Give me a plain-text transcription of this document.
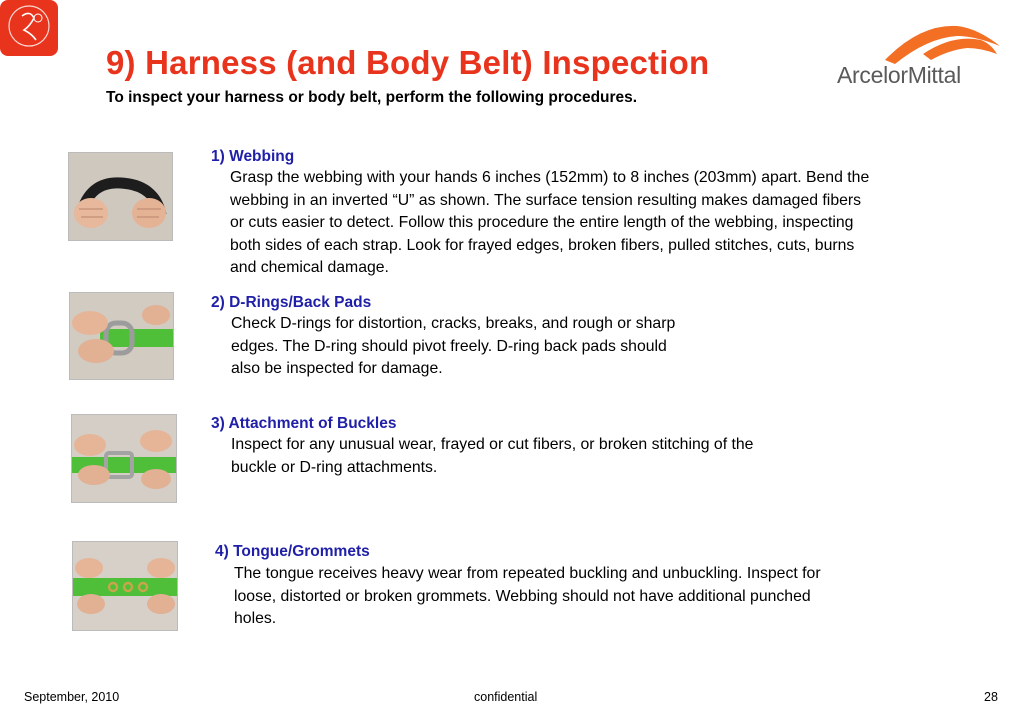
9) Harness (and Body Belt) Inspection
To inspect your harness or body belt, perform the following procedures.
ArcelorMittal
1) Webbing
Grasp the webbing with your hands 6 inches (152mm) to 8 inches (203mm) apart. Bend the
webbing in an inverted “U” as shown. The surface tension resulting makes damaged fibers
or cuts easier to detect. Follow this procedure the entire length of the webbing, inspecting
both sides of each strap. Look for frayed edges, broken fibers, pulled stitches, cuts, burns
and chemical damage.
2) D-Rings/Back Pads
Check D-rings for distortion, cracks, breaks, and rough or sharp
edges. The D-ring should pivot freely. D-ring back pads should
also be inspected for damage.
3) Attachment of Buckles
Inspect for any unusual wear, frayed or cut fibers, or broken stitching of the
buckle or D-ring attachments.
4) Tongue/Grommets
The tongue receives heavy wear from repeated buckling and unbuckling. Inspect for
loose, distorted or broken grommets. Webbing should not have additional punched
holes.
September, 2010	confidential	28
